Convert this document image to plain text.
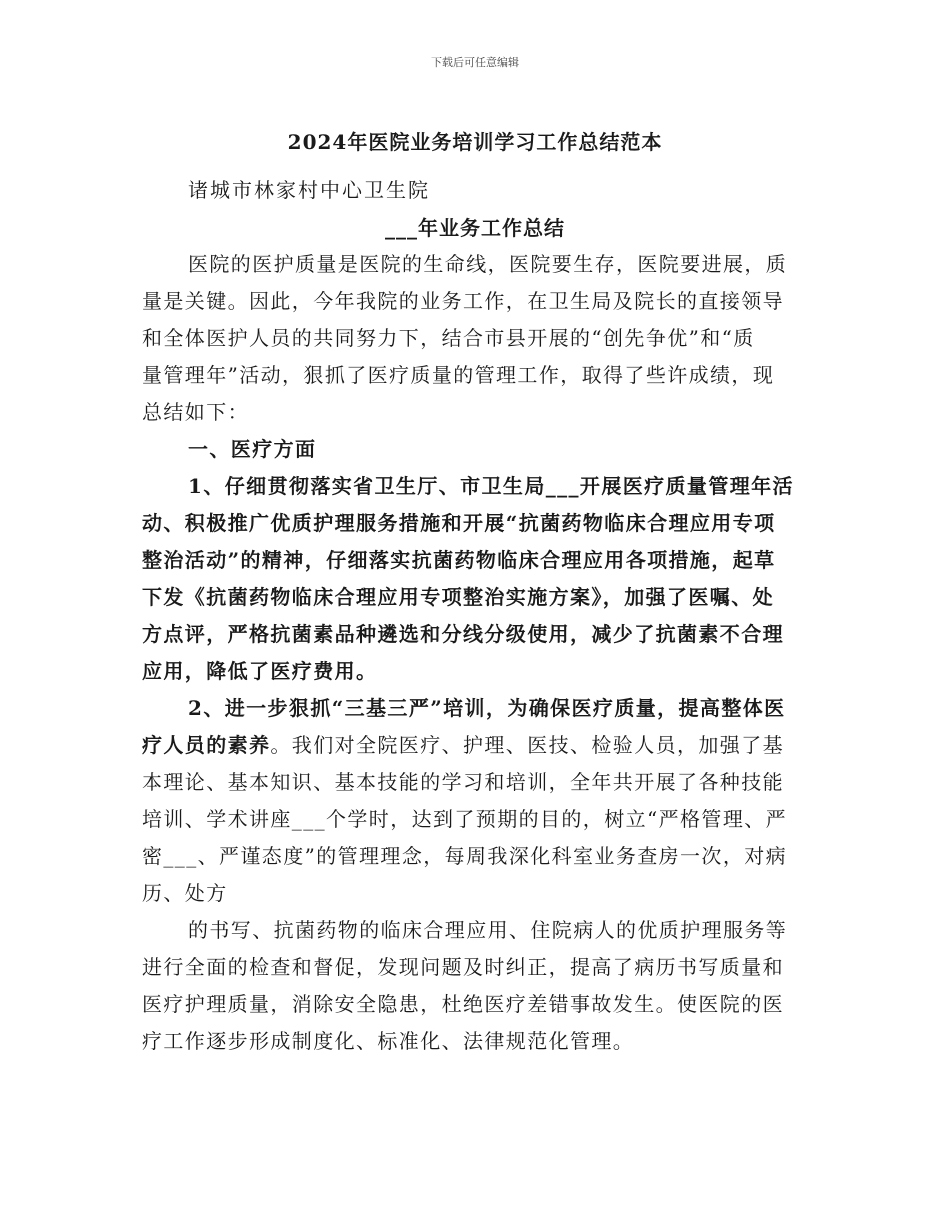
下载后可任意编辑
2024年医院业务培训学习工作总结范本
诸城市林家村中心卫生院
___年业务工作总结
医院的医护质量是医院的生命线，医院要生存，医院要进展，质
量是关键。因此，今年我院的业务工作，在卫生局及院长的直接领导
和全体医护人员的共同努力下，结合市县开展的“创先争优”和“质
量管理年”活动，狠抓了医疗质量的管理工作，取得了些许成绩，现
总结如下：
一、医疗方面
1、仔细贯彻落实省卫生厅、市卫生局___开展医疗质量管理年活
动、积极推广优质护理服务措施和开展“抗菌药物临床合理应用专项
整治活动”的精神，仔细落实抗菌药物临床合理应用各项措施，起草
下发《抗菌药物临床合理应用专项整治实施方案》，加强了医嘱、处
方点评，严格抗菌素品种遴选和分线分级使用，减少了抗菌素不合理
应用，降低了医疗费用。
2、进一步狠抓“三基三严”培训，为确保医疗质量，提高整体医
疗人员的素养。我们对全院医疗、护理、医技、检验人员，加强了基
本理论、基本知识、基本技能的学习和培训，全年共开展了各种技能
培训、学术讲座___个学时，达到了预期的目的，树立“严格管理、严
密___、严谨态度”的管理理念，每周我深化科室业务查房一次，对病
历、处方
的书写、抗菌药物的临床合理应用、住院病人的优质护理服务等
进行全面的检查和督促，发现问题及时纠正，提高了病历书写质量和
医疗护理质量，消除安全隐患，杜绝医疗差错事故发生。使医院的医
疗工作逐步形成制度化、标准化、法律规范化管理。
